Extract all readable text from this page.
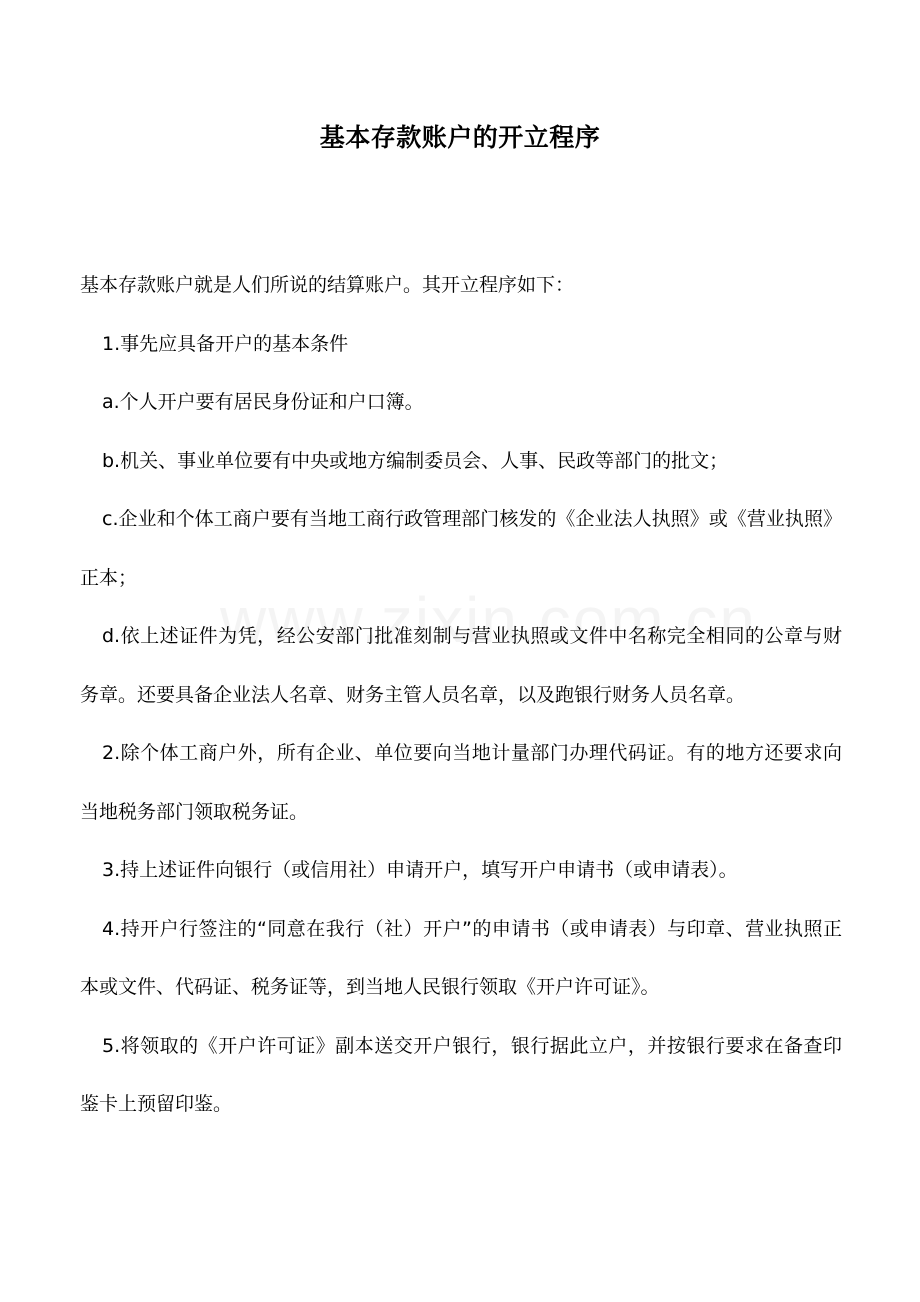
基本存款账户的开立程序

基本存款账户就是人们所说的结算账户。其开立程序如下：

1.事先应具备开户的基本条件

a.个人开户要有居民身份证和户口簿。

b.机关、事业单位要有中央或地方编制委员会、人事、民政等部门的批文；

c.企业和个体工商户要有当地工商行政管理部门核发的《企业法人执照》或《营业执照》正本；

d.依上述证件为凭，经公安部门批准刻制与营业执照或文件中名称完全相同的公章与财务章。还要具备企业法人名章、财务主管人员名章，以及跑银行财务人员名章。

2.除个体工商户外，所有企业、单位要向当地计量部门办理代码证。有的地方还要求向当地税务部门领取税务证。

3.持上述证件向银行（或信用社）申请开户，填写开户申请书（或申请表）。

4.持开户行签注的“同意在我行（社）开户”的申请书（或申请表）与印章、营业执照正本或文件、代码证、税务证等，到当地人民银行领取《开户许可证》。

5.将领取的《开户许可证》副本送交开户银行，银行据此立户，并按银行要求在备查印鉴卡上预留印鉴。
